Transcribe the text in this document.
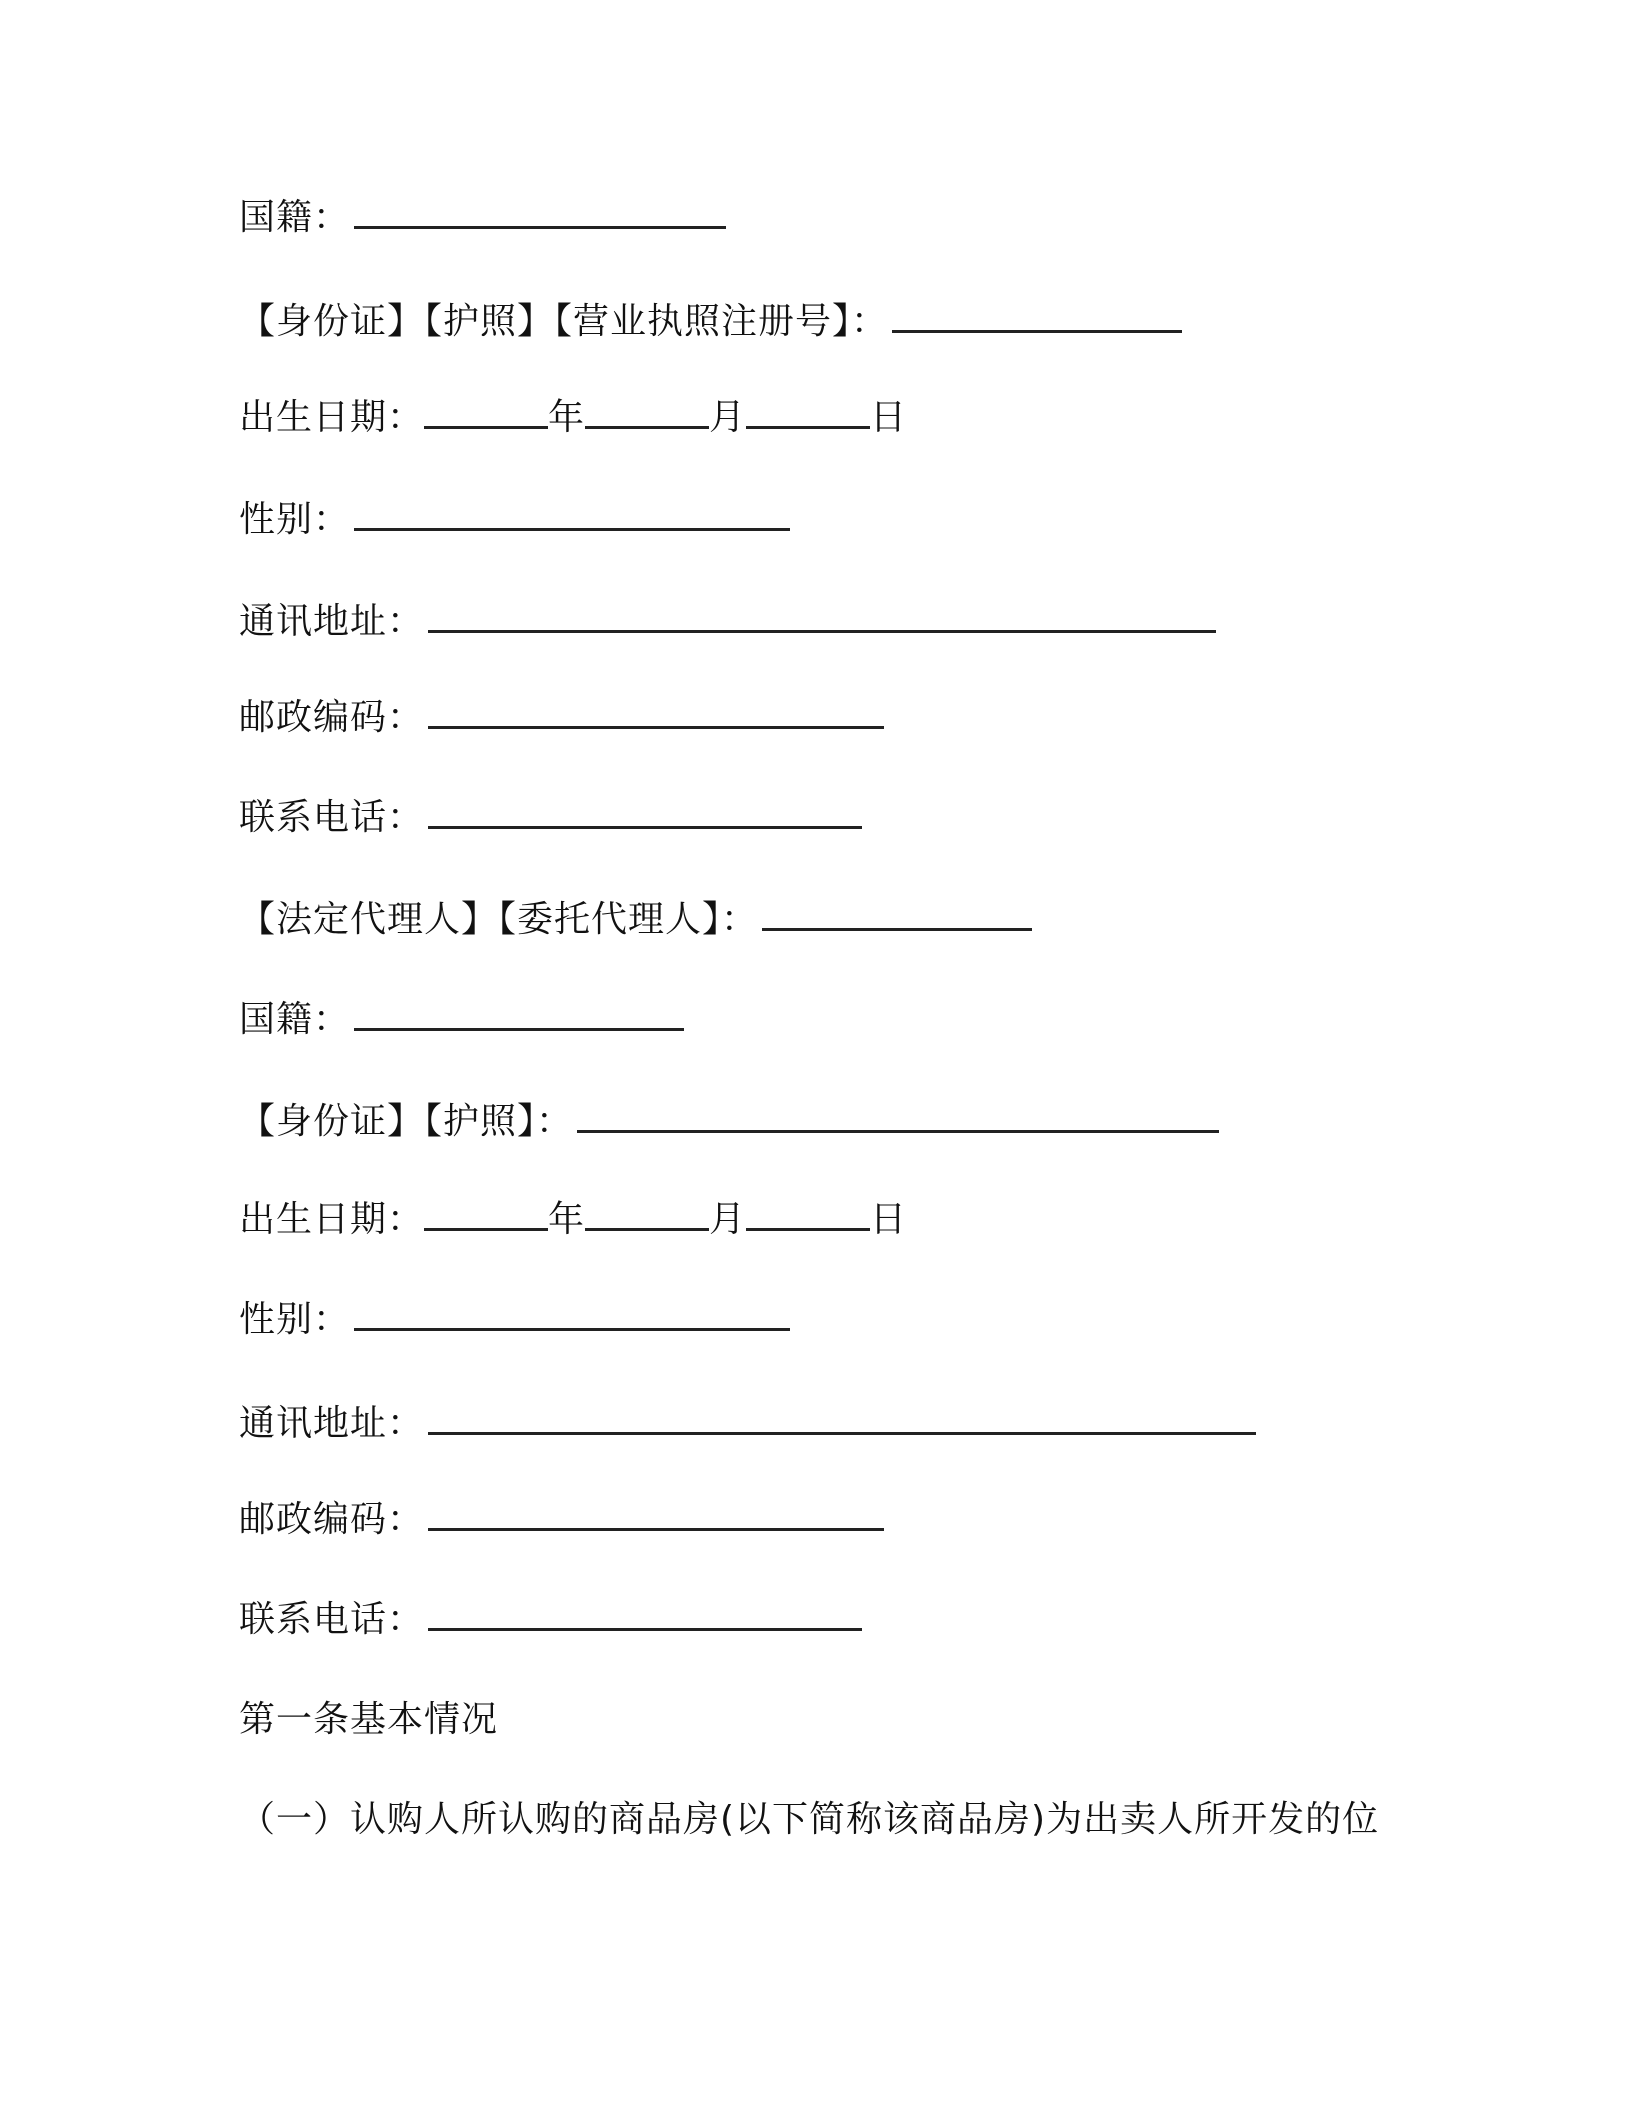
国籍：
【身份证】【护照】【营业执照注册号】：
出生日期：	年	月	日
性别：
通讯地址：
邮政编码：
联系电话：
【法定代理人】【委托代理人】：
国籍：
【身份证】【护照】：
出生日期：	年	月	日
性别：
通讯地址：
邮政编码：
联系电话：
第一条基本情况
（一）认购人所认购的商品房(以下简称该商品房)为出卖人所开发的位
